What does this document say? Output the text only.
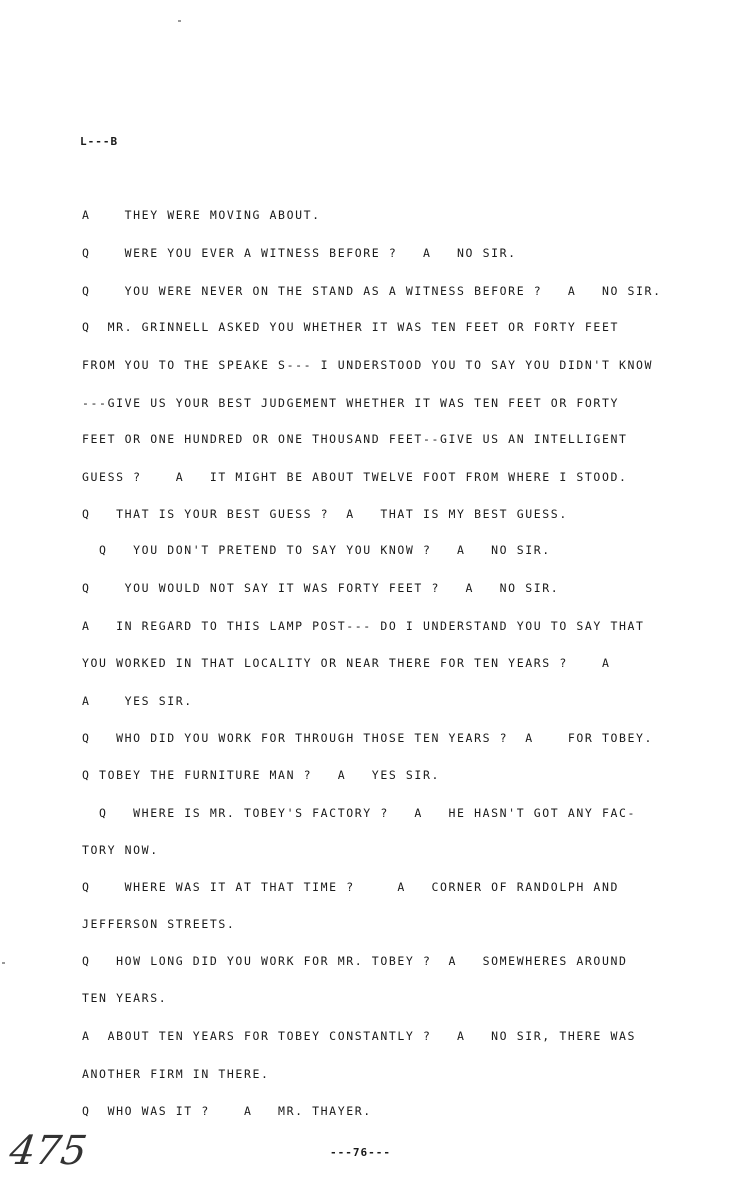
L---B
A    THEY WERE MOVING ABOUT.
Q    WERE YOU EVER A WITNESS BEFORE ?   A   NO SIR.
Q    YOU WERE NEVER ON THE STAND AS A WITNESS BEFORE ?   A   NO SIR.
Q  MR. GRINNELL ASKED YOU WHETHER IT WAS TEN FEET OR FORTY FEET
FROM YOU TO THE SPEAKE S--- I UNDERSTOOD YOU TO SAY YOU DIDN'T KNOW
---GIVE US YOUR BEST JUDGEMENT WHETHER IT WAS TEN FEET OR FORTY
FEET OR ONE HUNDRED OR ONE THOUSAND FEET--GIVE US AN INTELLIGENT
GUESS ?    A   IT MIGHT BE ABOUT TWELVE FOOT FROM WHERE I STOOD.
Q   THAT IS YOUR BEST GUESS ?  A   THAT IS MY BEST GUESS.
Q   YOU DON'T PRETEND TO SAY YOU KNOW ?   A   NO SIR.
Q    YOU WOULD NOT SAY IT WAS FORTY FEET ?   A   NO SIR.
A   IN REGARD TO THIS LAMP POST--- DO I UNDERSTAND YOU TO SAY THAT
YOU WORKED IN THAT LOCALITY OR NEAR THERE FOR TEN YEARS ?    A
A    YES SIR.
Q   WHO DID YOU WORK FOR THROUGH THOSE TEN YEARS ?  A    FOR TOBEY.
Q TOBEY THE FURNITURE MAN ?   A   YES SIR.
Q   WHERE IS MR. TOBEY'S FACTORY ?   A   HE HASN'T GOT ANY FAC-
TORY NOW.
Q    WHERE WAS IT AT THAT TIME ?     A   CORNER OF RANDOLPH AND
JEFFERSON STREETS.
Q   HOW LONG DID YOU WORK FOR MR. TOBEY ?  A   SOMEWHERES AROUND
TEN YEARS.
A  ABOUT TEN YEARS FOR TOBEY CONSTANTLY ?   A   NO SIR, THERE WAS
ANOTHER FIRM IN THERE.
Q  WHO WAS IT ?    A   MR. THAYER.
475	---76---
